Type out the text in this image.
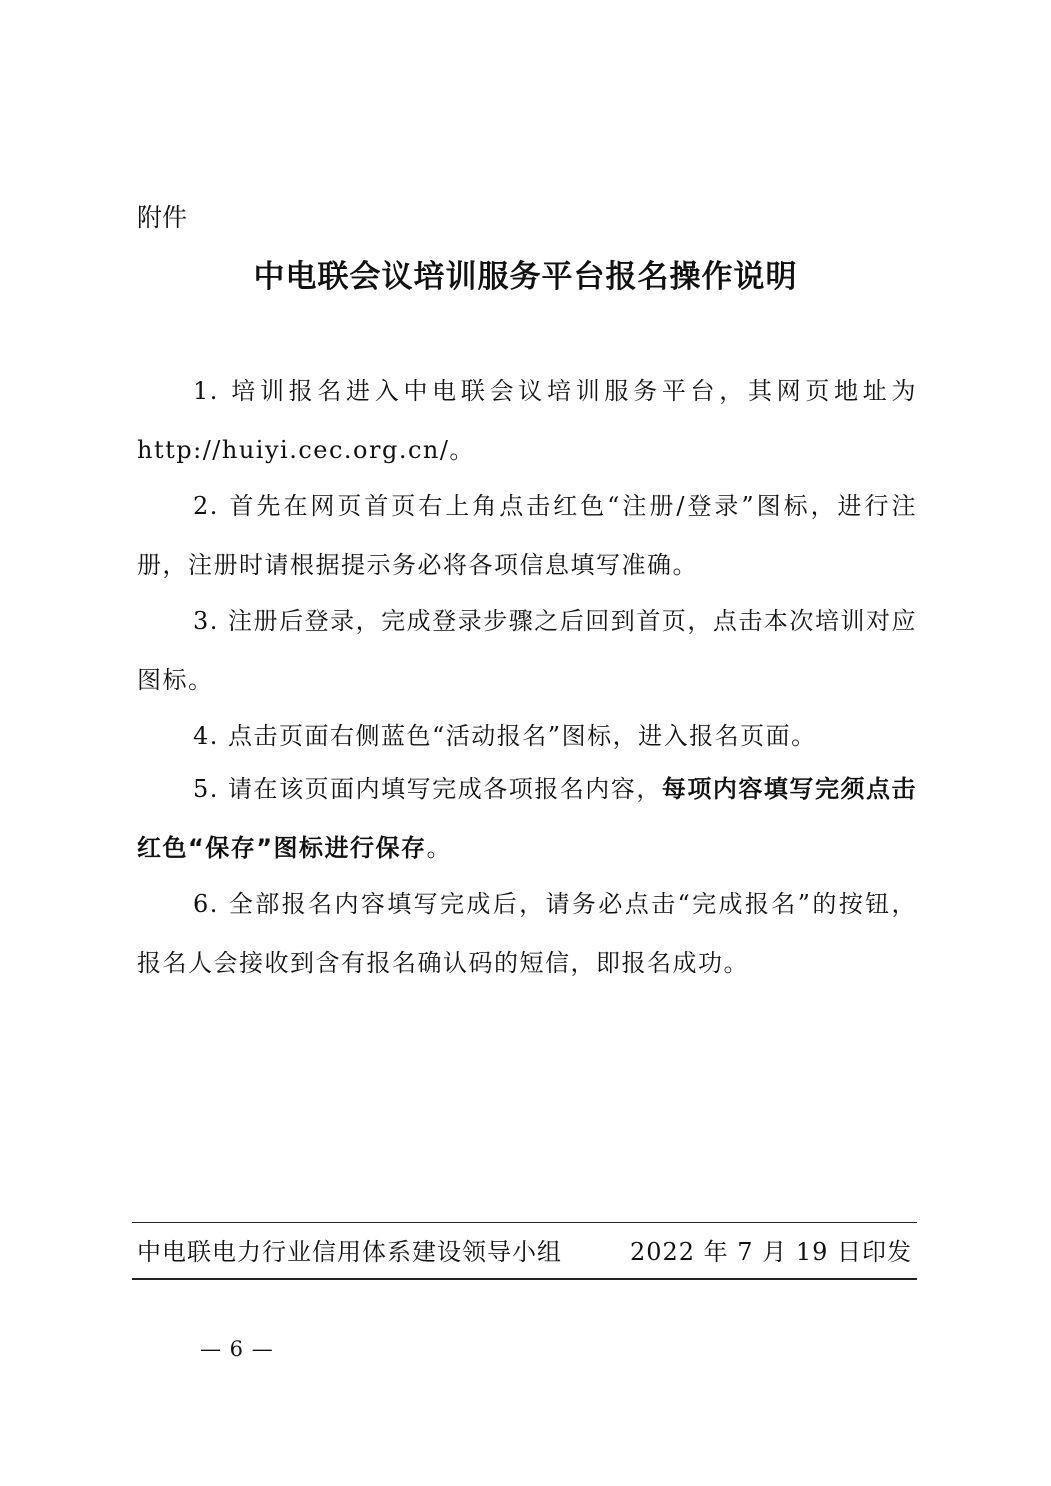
附件
中电联会议培训服务平台报名操作说明
1. 培训报名进入中电联会议培训服务平台，其网页地址为http://huiyi.cec.org.cn/。
2. 首先在网页首页右上角点击红色“注册/登录”图标，进行注册，注册时请根据提示务必将各项信息填写准确。
3. 注册后登录，完成登录步骤之后回到首页，点击本次培训对应图标。
4. 点击页面右侧蓝色“活动报名”图标，进入报名页面。
5. 请在该页面内填写完成各项报名内容，每项内容填写完须点击红色“保存”图标进行保存。
6. 全部报名内容填写完成后，请务必点击“完成报名”的按钮，报名人会接收到含有报名确认码的短信，即报名成功。
中电联电力行业信用体系建设领导小组	2022 年 7 月 19 日印发
— 6 —
